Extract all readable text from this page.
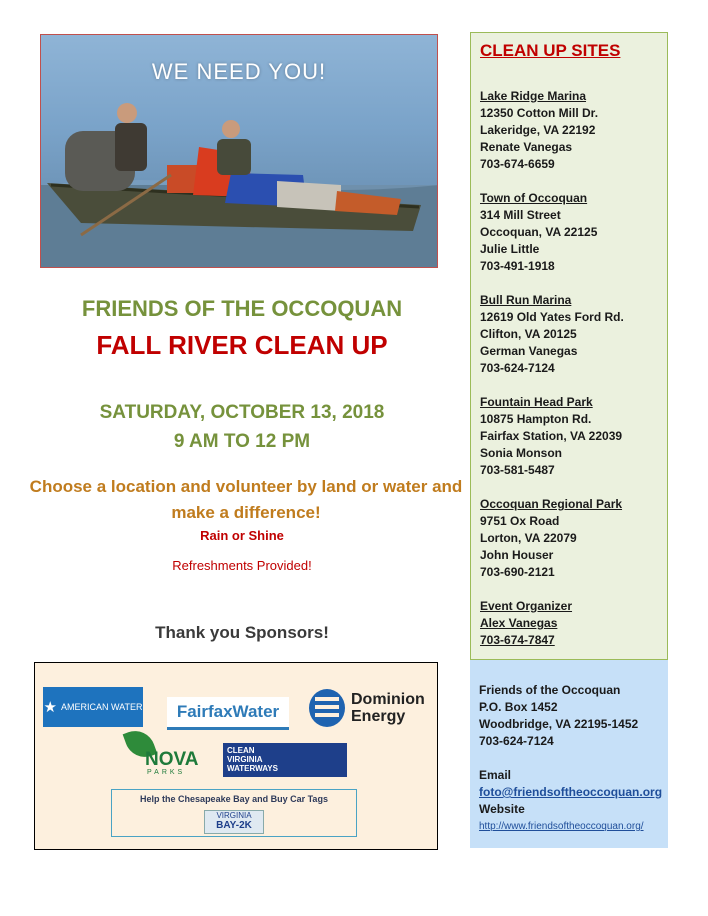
WE NEED YOU!
FRIENDS OF THE OCCOQUAN
FALL RIVER CLEAN UP
SATURDAY, OCTOBER 13, 2018
9 AM TO 12 PM
Choose a location and volunteer by land or water and make a difference!
Rain or Shine
Refreshments Provided!
Thank you Sponsors!
★ AMERICAN WATER	FairfaxWater
Dominion
Energy
NOVA
PARKS
CLEAN
VIRGINIA
WATERWAYS
Help the Chesapeake Bay and Buy Car Tags
VIRGINIA
BAY-2K
CLEAN UP SITES
Lake Ridge Marina
12350 Cotton Mill Dr.
Lakeridge, VA 22192
Renate Vanegas
703-674-6659
Town of Occoquan
314 Mill Street
Occoquan, VA 22125
Julie Little
703-491-1918
Bull Run Marina
12619 Old Yates Ford Rd.
Clifton, VA 20125
German Vanegas
703-624-7124
Fountain Head Park
10875 Hampton Rd.
Fairfax Station, VA 22039
Sonia Monson
703-581-5487
Occoquan Regional Park
9751 Ox Road
Lorton, VA 22079
John Houser
703-690-2121
Event Organizer
Alex Vanegas
703-674-7847
Friends of the Occoquan
P.O. Box 1452
Woodbridge, VA 22195-1452
703-624-7124
Email
foto@friendsoftheoccoquan.org
Website
http://www.friendsoftheoccoquan.org/
